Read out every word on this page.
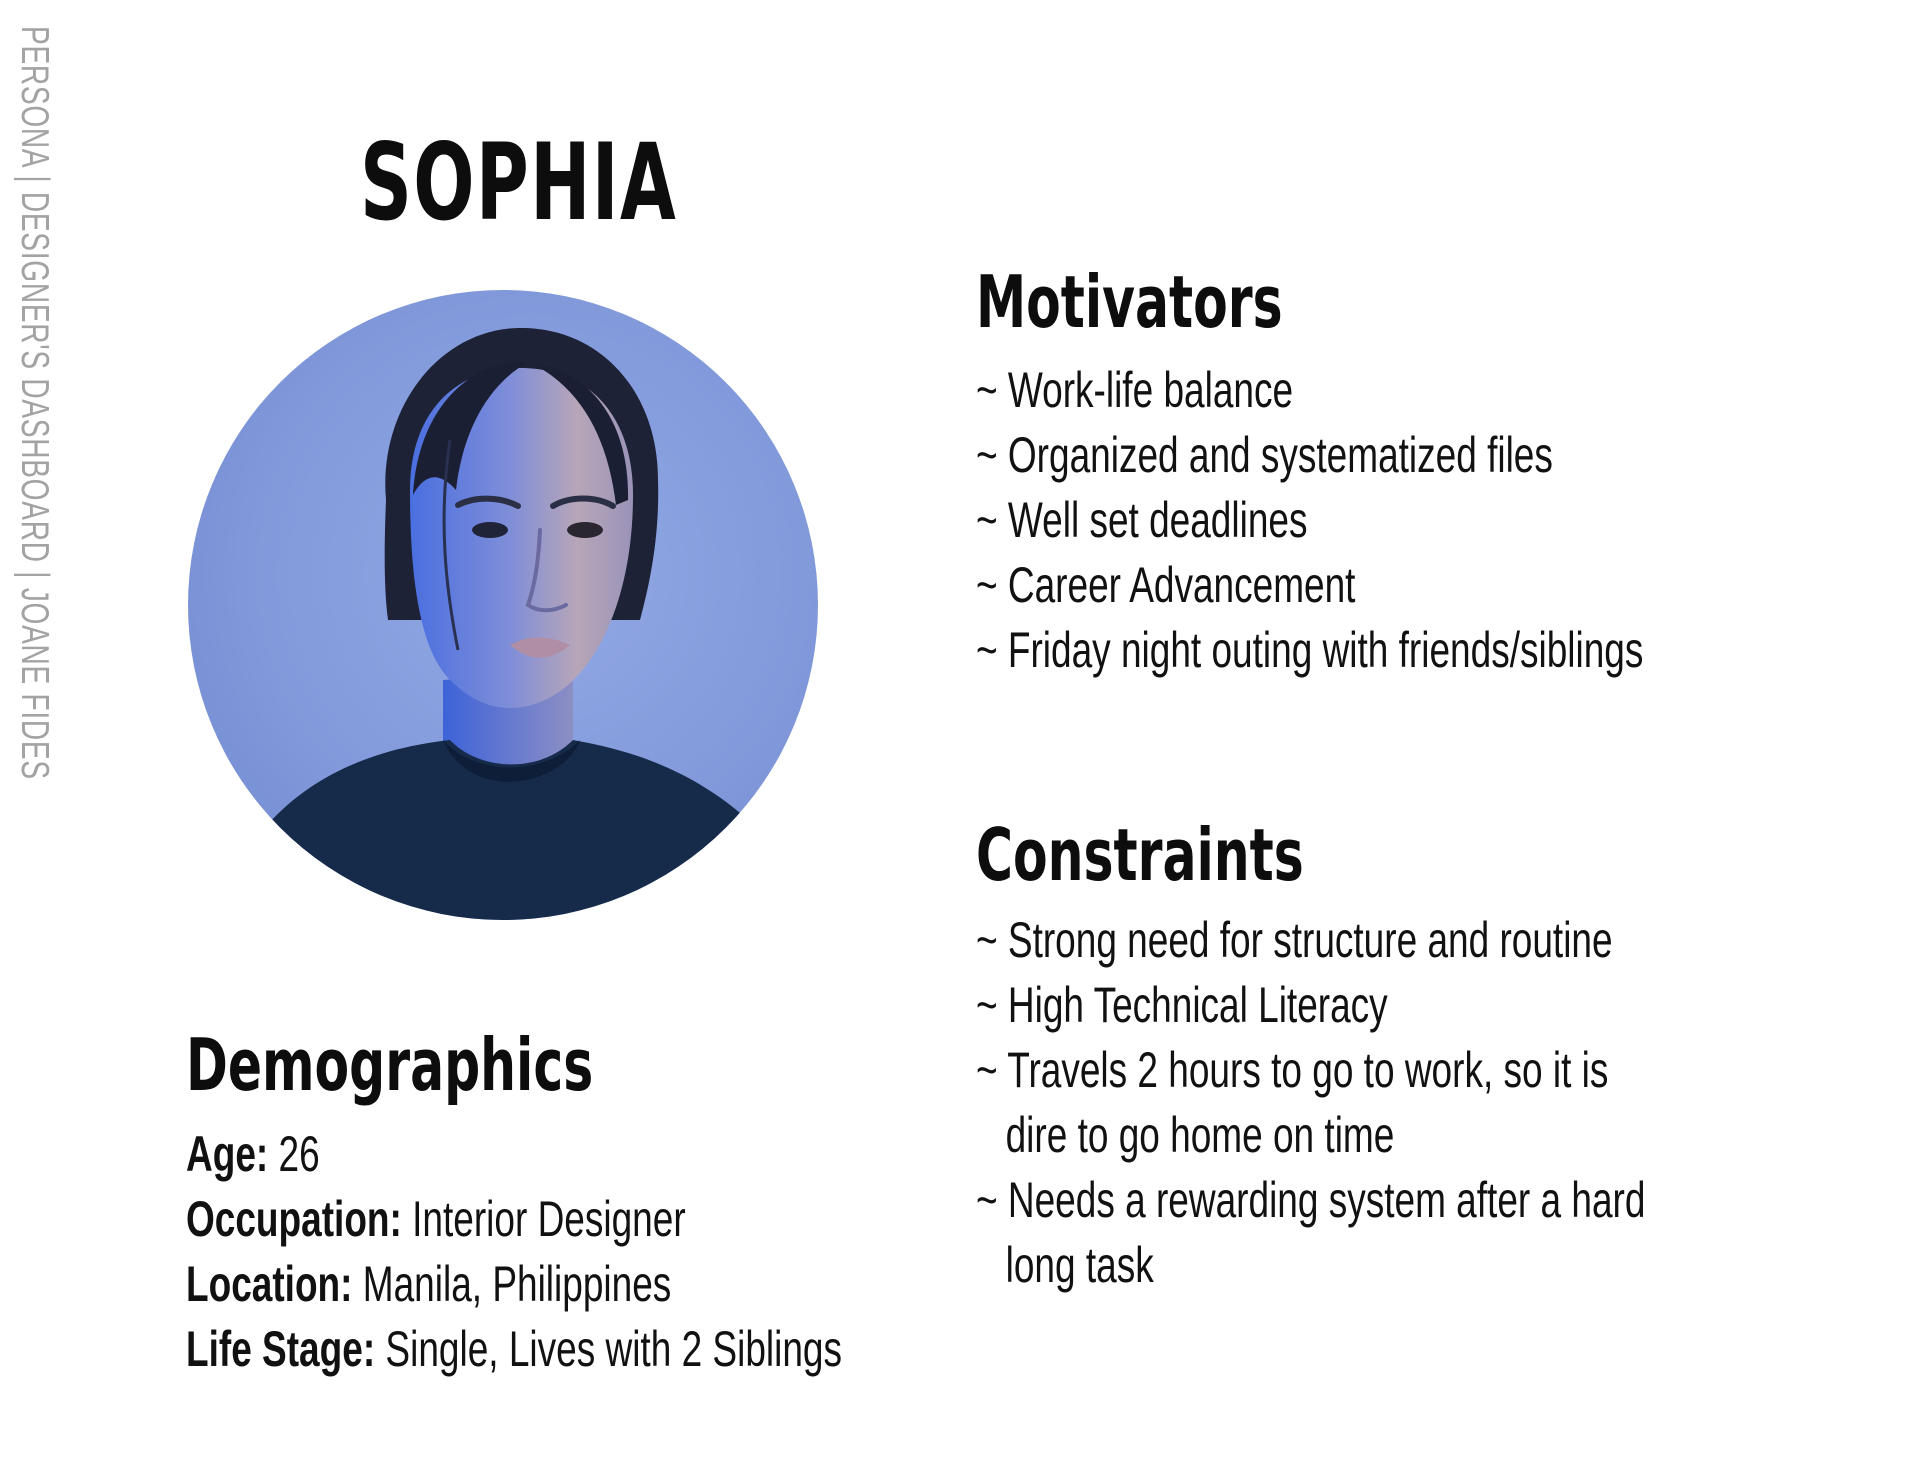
PERSONA | DESIGNER'S DASHBOARD | JOANE FIDES	SOPHIA
Motivators
~ Work-life balance
~ Organized and systematized files
~ Well set deadlines
~ Career Advancement
~ Friday night outing with friends/siblings
Constraints
~ Strong need for structure and routine
~ High Technical Literacy
~ Travels 2 hours to go to work, so it is
dire to go home on time
~ Needs a rewarding system after a hard
long task
Demographics
Age: 26
Occupation: Interior Designer
Location: Manila, Philippines
Life Stage: Single, Lives with 2 Siblings
